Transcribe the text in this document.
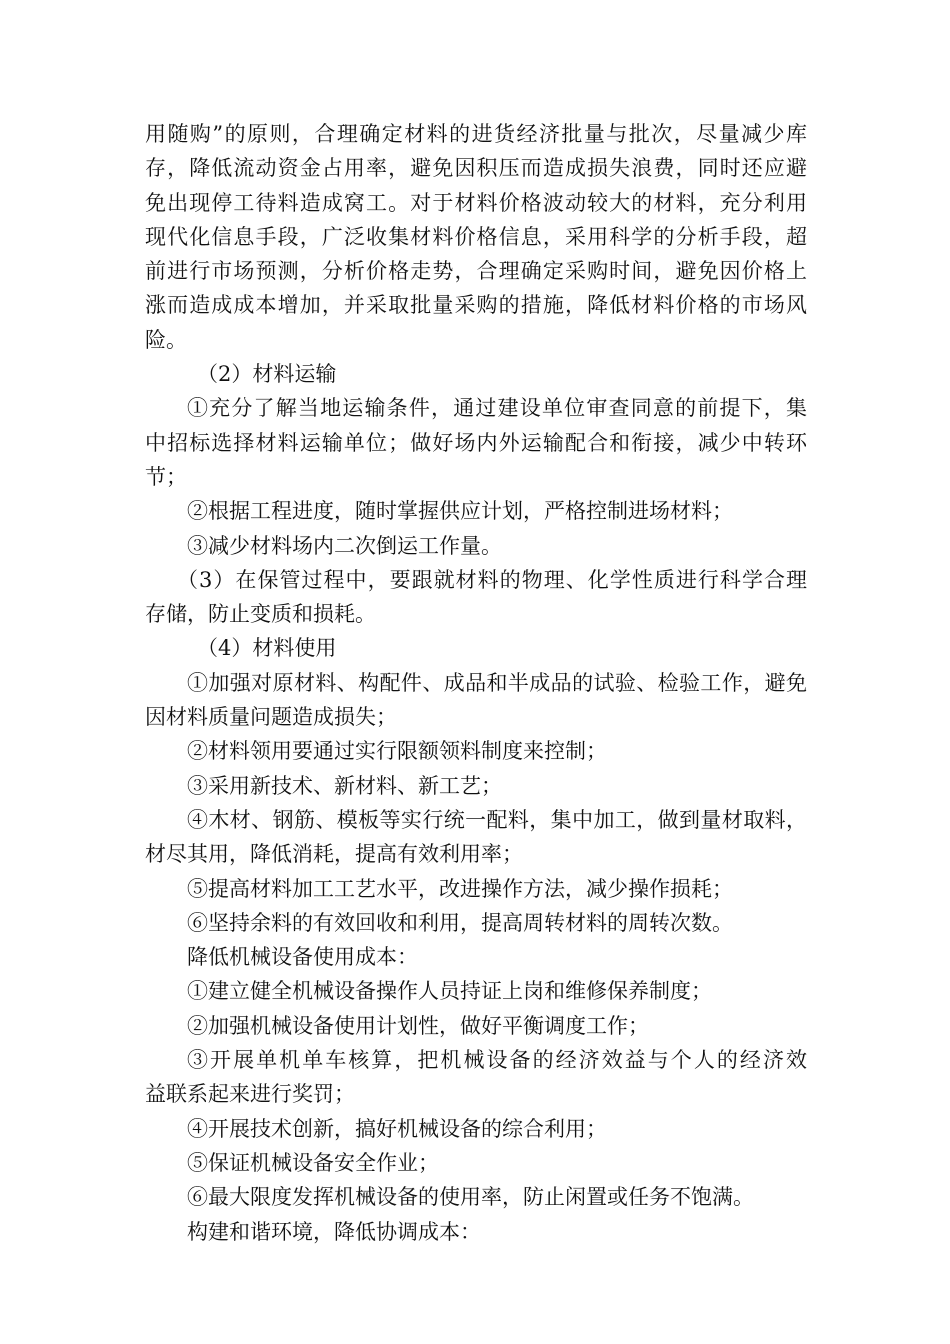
用随购”的原则，合理确定材料的进货经济批量与批次，尽量减少库
存，降低流动资金占用率，避免因积压而造成损失浪费，同时还应避
免出现停工待料造成窝工。对于材料价格波动较大的材料，充分利用
现代化信息手段，广泛收集材料价格信息，采用科学的分析手段，超
前进行市场预测，分析价格走势，合理确定采购时间，避免因价格上
涨而造成成本增加，并采取批量采购的措施，降低材料价格的市场风
险。
（2）材料运输
①充分了解当地运输条件，通过建设单位审查同意的前提下，集
中招标选择材料运输单位；做好场内外运输配合和衔接，减少中转环
节；
②根据工程进度，随时掌握供应计划，严格控制进场材料；
③减少材料场内二次倒运工作量。
（3）在保管过程中，要跟就材料的物理、化学性质进行科学合理
存储，防止变质和损耗。
（4）材料使用
①加强对原材料、构配件、成品和半成品的试验、检验工作，避免
因材料质量问题造成损失；
②材料领用要通过实行限额领料制度来控制；
③采用新技术、新材料、新工艺；
④木材、钢筋、模板等实行统一配料，集中加工，做到量材取料，
材尽其用，降低消耗，提高有效利用率；
⑤提高材料加工工艺水平，改进操作方法，减少操作损耗；
⑥坚持余料的有效回收和利用，提高周转材料的周转次数。
降低机械设备使用成本：
①建立健全机械设备操作人员持证上岗和维修保养制度；
②加强机械设备使用计划性，做好平衡调度工作；
③开展单机单车核算，把机械设备的经济效益与个人的经济效
益联系起来进行奖罚；
④开展技术创新，搞好机械设备的综合利用；
⑤保证机械设备安全作业；
⑥最大限度发挥机械设备的使用率，防止闲置或任务不饱满。
构建和谐环境，降低协调成本：
